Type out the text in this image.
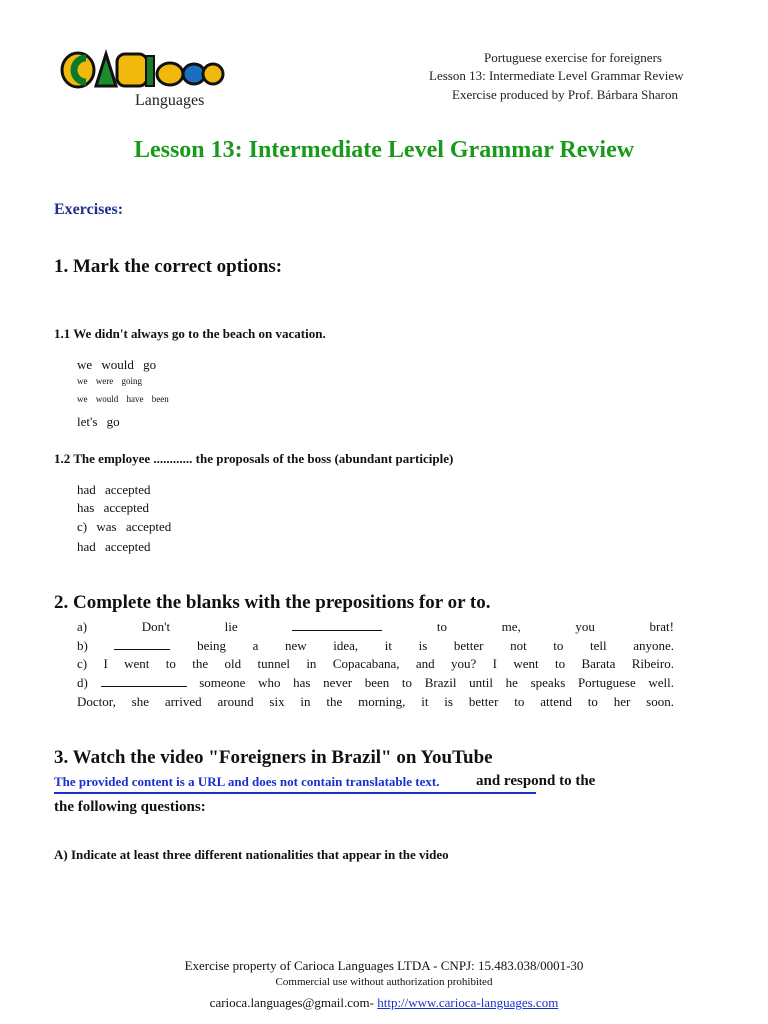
Languages
Portuguese exercise for foreigners
Lesson 13: Intermediate Level Grammar Review
Exercise produced by Prof. Bárbara Sharon
Lesson 13: Intermediate Level Grammar Review
Exercises:
1. Mark the correct options:
1.1 We didn't always go to the beach on vacation.
we would go
we were going
we would have been
let's go
1.2 The employee ............ the proposals of the boss (abundant participle)
had accepted
has accepted
c) was accepted
had accepted
2. Complete the blanks with the prepositions for or to.
a) Don't lie	to me, you brat!
b)	being a new idea, it is better not to tell anyone.
c) I went to the old tunnel in Copacabana, and you? I went to Barata Ribeiro.
d)	someone who has never been to Brazil until he speaks Portuguese well.
Doctor, she arrived around six in the morning, it is better to attend to her soon.
3. Watch the video "Foreigners in Brazil" on YouTube
The provided content is a URL and does not contain translatable text. and respond to the
the following questions:
A) Indicate at least three different nationalities that appear in the video
Exercise property of Carioca Languages LTDA - CNPJ: 15.483.038/0001-30
Commercial use without authorization prohibited
carioca.languages@gmail.com- http://www.carioca-languages.com
